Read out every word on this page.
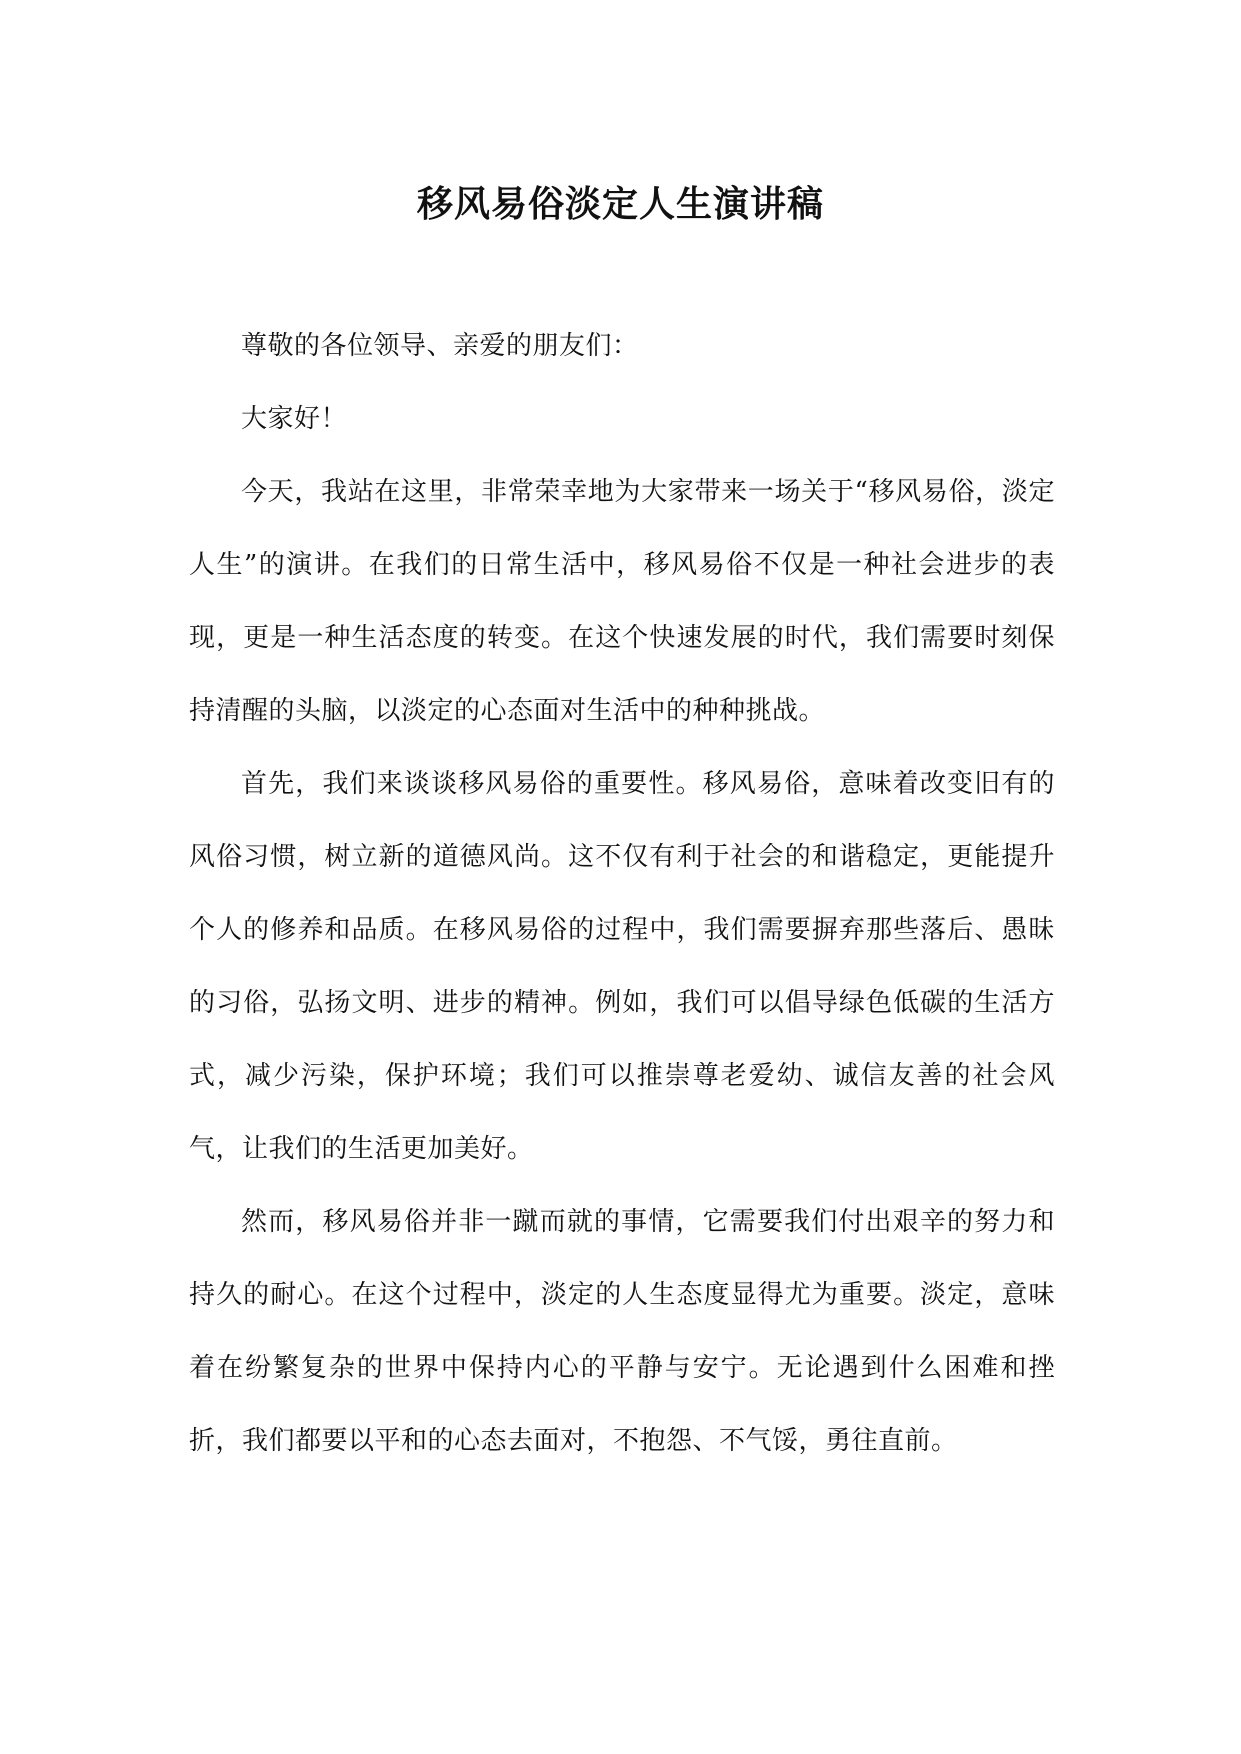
移风易俗淡定人生演讲稿

尊敬的各位领导、亲爱的朋友们：

大家好！

今天，我站在这里，非常荣幸地为大家带来一场关于“移风易俗，淡定人生”的演讲。在我们的日常生活中，移风易俗不仅是一种社会进步的表现，更是一种生活态度的转变。在这个快速发展的时代，我们需要时刻保持清醒的头脑，以淡定的心态面对生活中的种种挑战。

首先，我们来谈谈移风易俗的重要性。移风易俗，意味着改变旧有的风俗习惯，树立新的道德风尚。这不仅有利于社会的和谐稳定，更能提升个人的修养和品质。在移风易俗的过程中，我们需要摒弃那些落后、愚昧的习俗，弘扬文明、进步的精神。例如，我们可以倡导绿色低碳的生活方式，减少污染，保护环境；我们可以推崇尊老爱幼、诚信友善的社会风气，让我们的生活更加美好。

然而，移风易俗并非一蹴而就的事情，它需要我们付出艰辛的努力和持久的耐心。在这个过程中，淡定的人生态度显得尤为重要。淡定，意味着在纷繁复杂的世界中保持内心的平静与安宁。无论遇到什么困难和挫折，我们都要以平和的心态去面对，不抱怨、不气馁，勇往直前。
